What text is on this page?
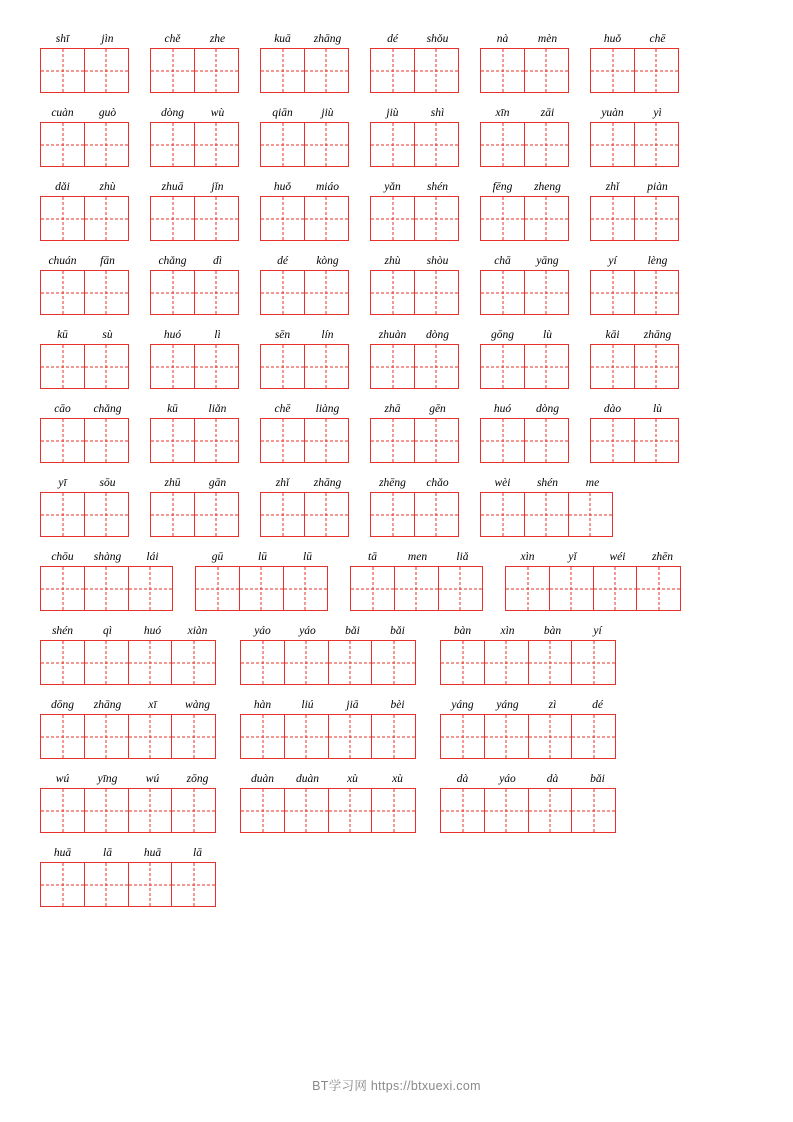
shī	jìn	chě	zhe	kuā	zhāng	dé	shǒu	nà	mèn	huǒ	chē
cuàn	guò	dòng	wù	qiān	jiù	jiù	shì	xīn	zāi	yuàn	yì
dǎi	zhù	zhuā	jǐn	huǒ	miáo	yǎn	shén	fēng	zheng	zhǐ	piàn
chuán	fān	chǎng	dì	dé	kòng	zhù	shòu	chā	yāng	yí	lèng
kū	sù	huó	lì	sēn	lín	zhuàn	dòng	gōng	lù	kāi	zhāng
cāo	chǎng	kū	liǎn	chē	liàng	zhā	gēn	huó	dòng	dào	lù
yī	sōu	zhū	gān	zhǐ	zhāng	zhēng	chǎo	wèi	shén	me
chōu	shàng	lái	gū	lū	lū	tā	men	liǎ	xìn	yǐ	wéi	zhēn
shén	qì	huó	xiàn	yáo	yáo	bǎi	bǎi	bàn	xìn	bàn	yí
dōng	zhāng	xī	wàng	hàn	liú	jiā	bèi	yáng	yáng	zì	dé
wú	yīng	wú	zōng	duàn	duàn	xù	xù	dà	yáo	dà	bǎi
huā	lā	huā	lā
BT学习网 https://btxuexi.com
